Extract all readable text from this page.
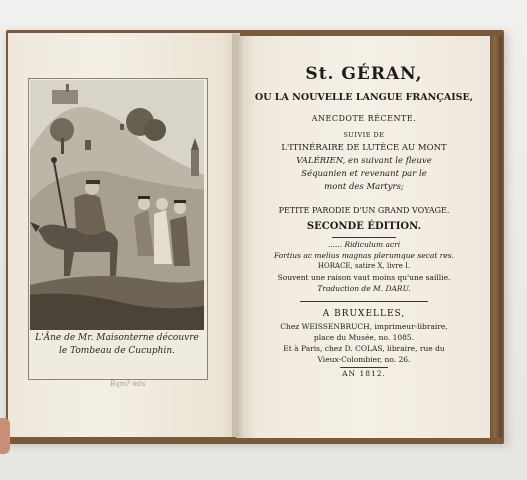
L'Âne de Mr. Maisonterne découvre
le Tombeau de Cucuphin.
Bqm? mts
St. GÉRAN,
OU LA NOUVELLE LANGUE FRANÇAISE,
ANECDOTE RÉCENTE.
SUIVIE DE
L'ITINÉRAIRE DE LUTÈCE AU MONT
VALÉRIEN, en suivant le fleuve
Séquanien et revenant par le
mont des Martyrs;
PETITE PARODIE D'UN GRAND VOYAGE.
SECONDE ÉDITION.
...... Ridiculum acri
Fortius ac melius magnas plerumque secat res.
HORACE, satire X, livre I.
Souvent une raison vaut moins qu'une saillie.
Traduction de M. DARU.
A BRUXELLES,
Chez WEISSENBRUCH, imprimeur-libraire,
place du Musée, no. 1085.
Et à Paris, chez D. COLAS, libraire, rue du
Vieux-Colombier, no. 26.
AN 1812.
